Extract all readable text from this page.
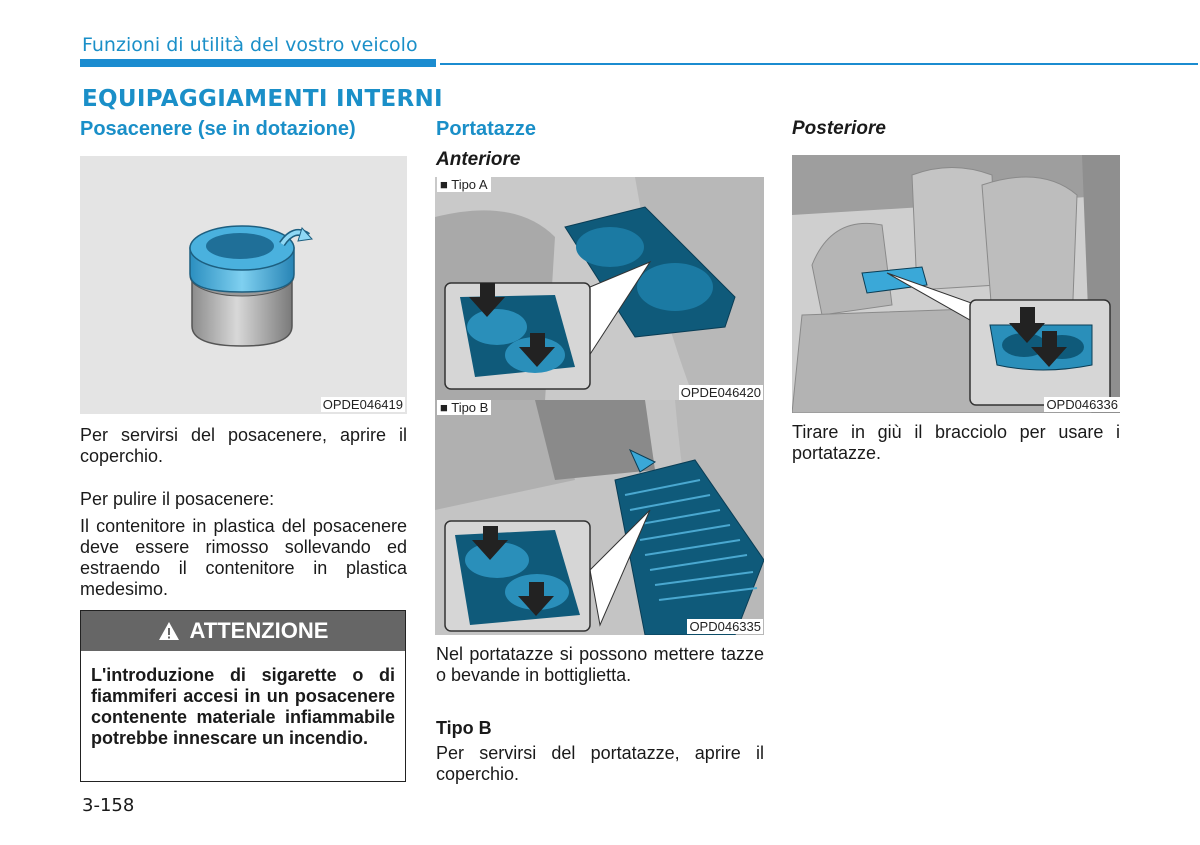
Funzioni di utilità del vostro veicolo
EQUIPAGGIAMENTI INTERNI
Posacenere (se in dotazione)
OPDE046419
Per servirsi del posacenere, aprire il coperchio.
Per pulire il posacenere:
Il contenitore in plastica del posacenere deve essere rimosso sollevando ed estraendo il contenitore in plastica medesimo.
ATTENZIONE
L'introduzione di sigarette o di fiammiferi accesi in un posacenere contenente materiale infiammabile potrebbe innescare un incendio.
3-158
Portatazze
Anteriore
■ Tipo A
OPDE046420
■ Tipo B
OPD046335
Nel portatazze si possono mettere tazze o bevande in bottiglietta.
Tipo B
Per servirsi del portatazze, aprire il coperchio.
Posteriore
OPD046336
Tirare in giù il bracciolo per usare i portatazze.
